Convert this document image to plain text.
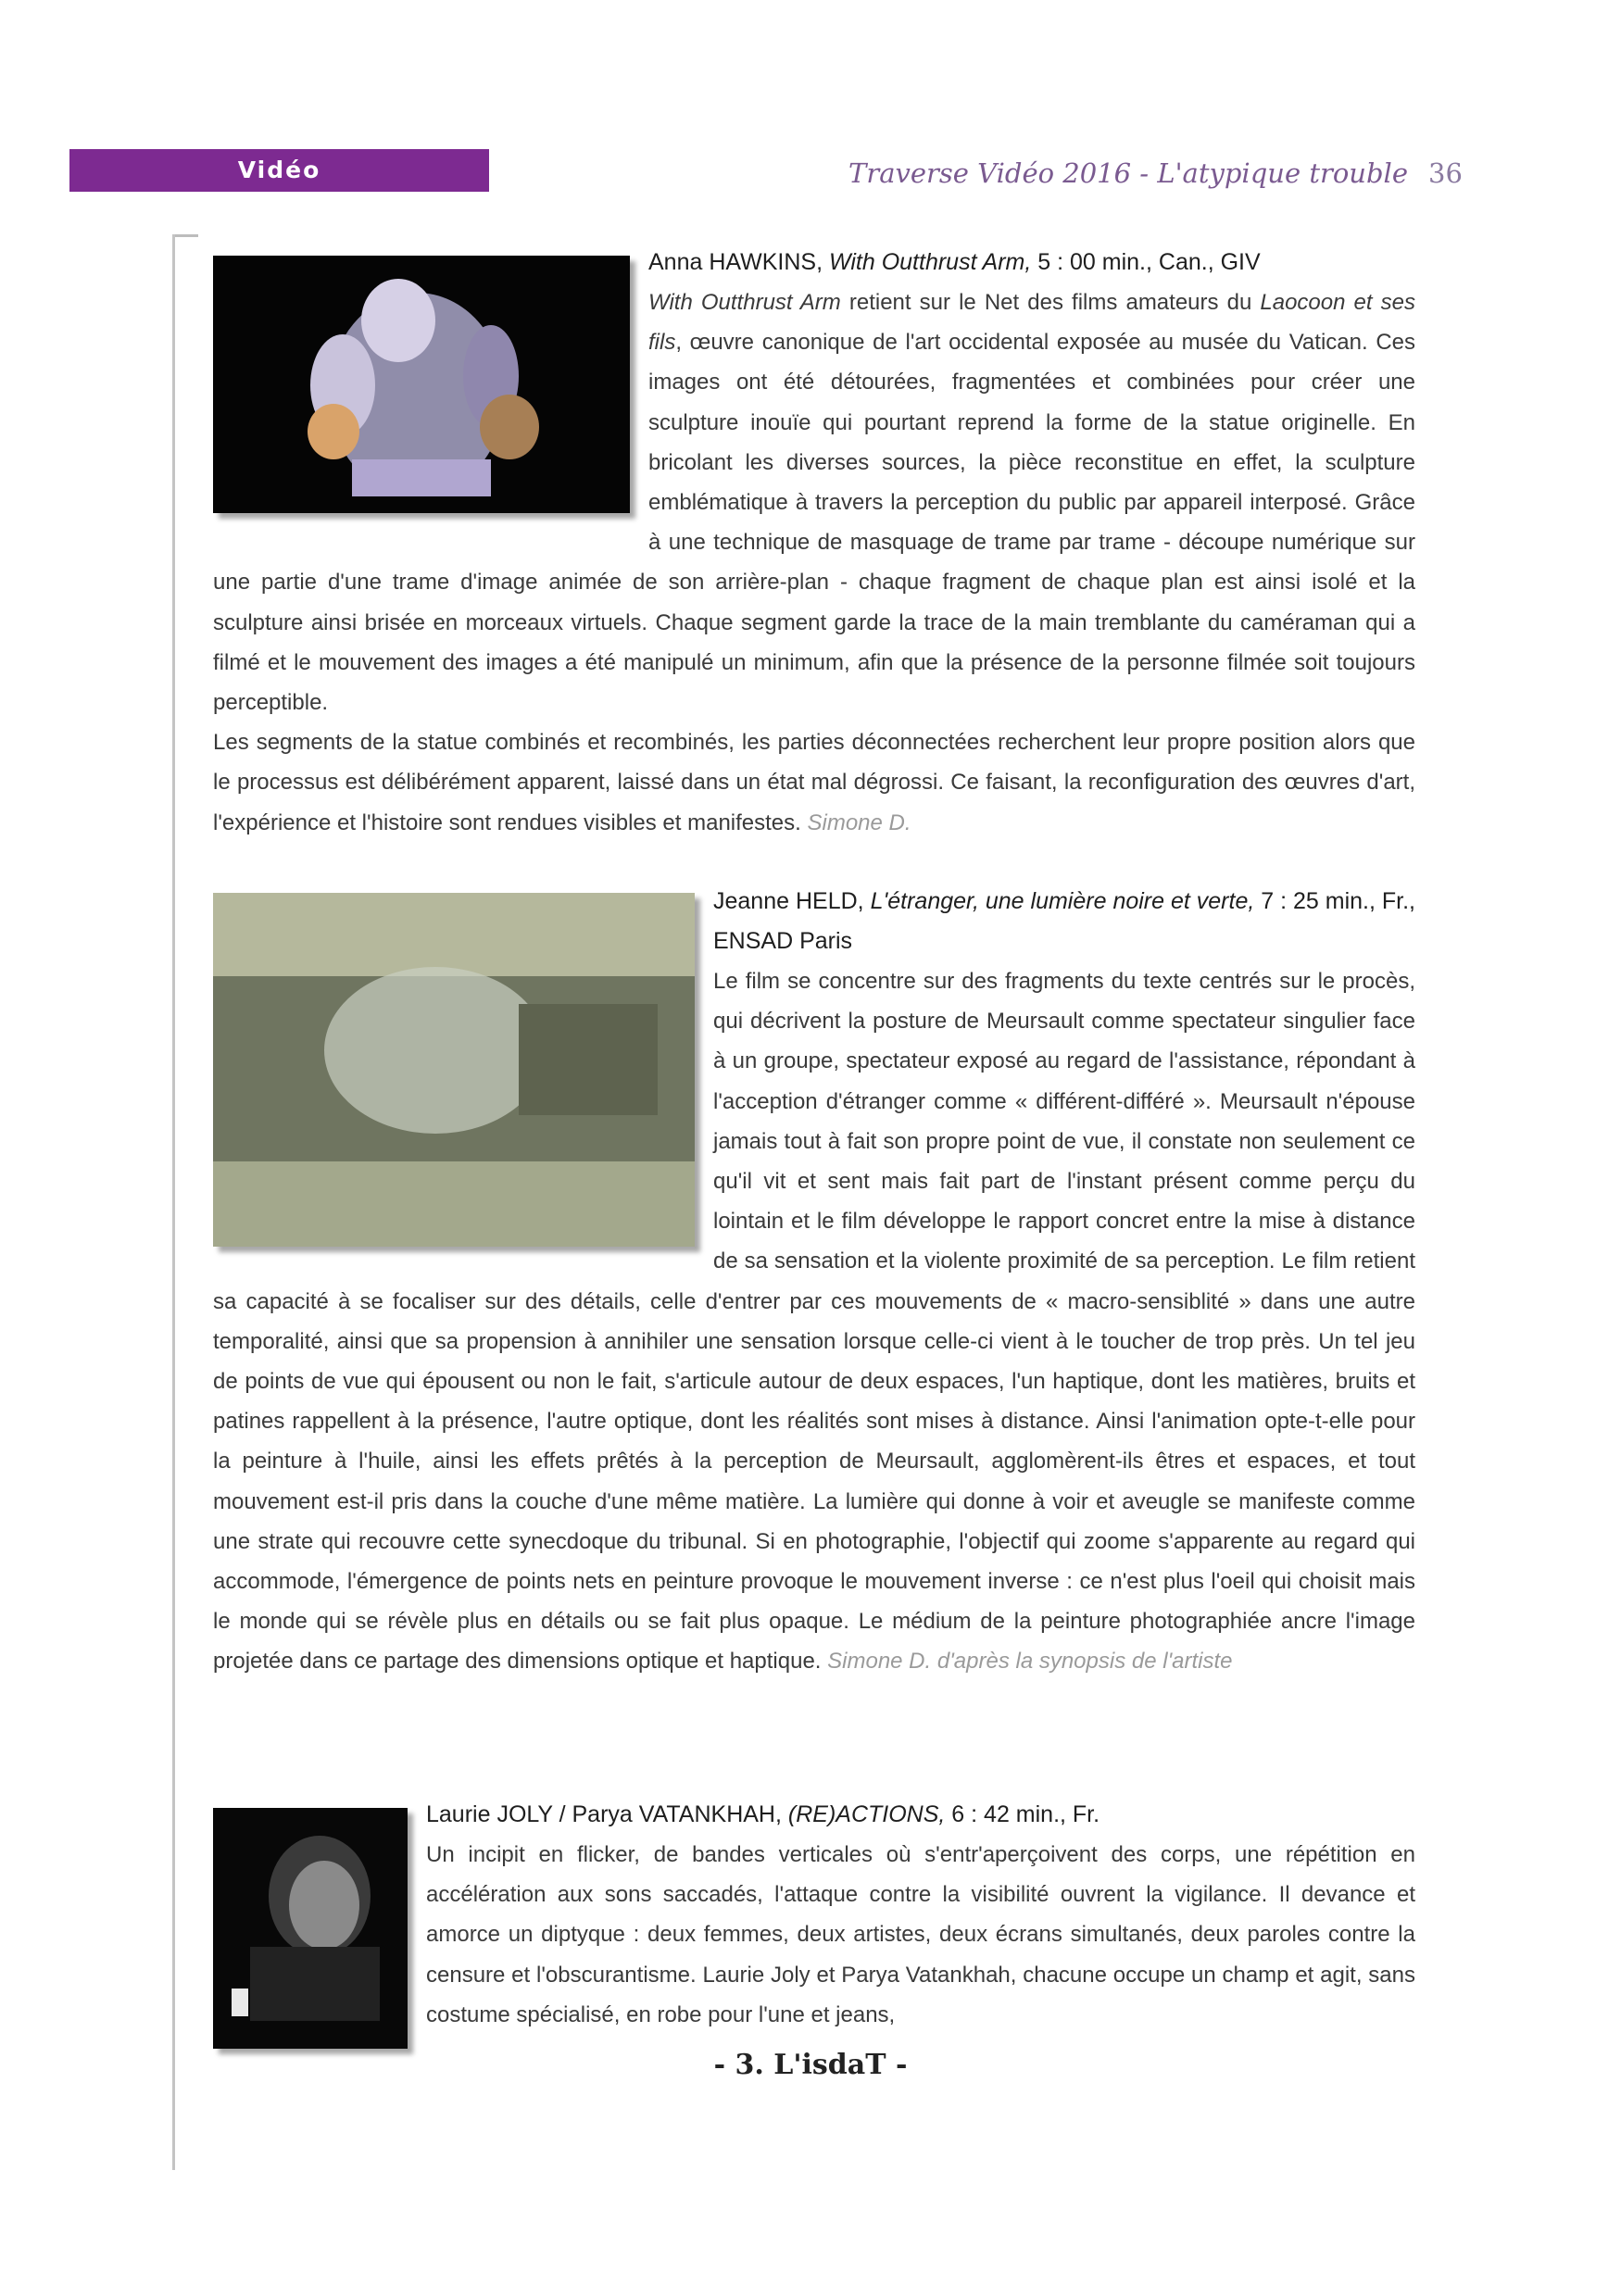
Vidéo	Traverse Vidéo 2016 - L'atypique trouble 36
Anna HAWKINS, With Outthrust Arm, 5 : 00 min., Can., GIV
With Outthrust Arm retient sur le Net des films amateurs du Laocoon et ses fils, œuvre canonique de l'art occidental exposée au musée du Vatican. Ces images ont été détourées, fragmentées et combinées pour créer une sculpture inouïe qui pourtant reprend la forme de la statue originelle. En bricolant les diverses sources, la pièce reconstitue en effet, la sculpture emblématique à travers la perception du public par appareil interposé. Grâce à une technique de masquage de trame par trame - découpe numérique sur une partie d'une trame d'image animée de son arrière-plan - chaque fragment de chaque plan est ainsi isolé et la sculpture ainsi brisée en morceaux virtuels. Chaque segment garde la trace de la main tremblante du caméraman qui a filmé et le mouvement des images a été manipulé un minimum, afin que la présence de la personne filmée soit toujours perceptible.
Les segments de la statue combinés et recombinés, les parties déconnectées recherchent leur propre position alors que le processus est délibérément apparent, laissé dans un état mal dégrossi. Ce faisant, la reconfiguration des œuvres d'art, l'expérience et l'histoire sont rendues visibles et manifestes. Simone D.
Jeanne HELD, L'étranger, une lumière noire et verte, 7 : 25 min., Fr., ENSAD Paris
Le film se concentre sur des fragments du texte centrés sur le procès, qui décrivent la posture de Meursault comme spectateur singulier face à un groupe, spectateur exposé au regard de l'assistance, répondant à l'acception d'étranger comme « différent-différé ». Meursault n'épouse jamais tout à fait son propre point de vue, il constate non seulement ce qu'il vit et sent mais fait part de l'instant présent comme perçu du lointain et le film développe le rapport concret entre la mise à distance de sa sensation et la violente proximité de sa perception. Le film retient sa capacité à se focaliser sur des détails, celle d'entrer par ces mouvements de « macro-sensiblité » dans une autre temporalité, ainsi que sa propension à annihiler une sensation lorsque celle-ci vient à le toucher de trop près. Un tel jeu de points de vue qui épousent ou non le fait, s'articule autour de deux espaces, l'un haptique, dont les matières, bruits et patines rappellent à la présence, l'autre optique, dont les réalités sont mises à distance. Ainsi l'animation opte-t-elle pour la peinture à l'huile, ainsi les effets prêtés à la perception de Meursault, agglomèrent-ils êtres et espaces, et tout mouvement est-il pris dans la couche d'une même matière. La lumière qui donne à voir et aveugle se manifeste comme une strate qui recouvre cette synecdoque du tribunal. Si en photographie, l'objectif qui zoome s'apparente au regard qui accommode, l'émergence de points nets en peinture provoque le mouvement inverse : ce n'est plus l'oeil qui choisit mais le monde qui se révèle plus en détails ou se fait plus opaque. Le médium de la peinture photographiée ancre l'image projetée dans ce partage des dimensions optique et haptique. Simone D. d'après la synopsis de l'artiste
Laurie JOLY / Parya VATANKHAH, (RE)ACTIONS, 6 : 42 min., Fr.
Un incipit en flicker, de bandes verticales où s'entr'aperçoivent des corps, une répétition en accélération aux sons saccadés, l'attaque contre la visibilité ouvrent la vigilance. Il devance et amorce un diptyque : deux femmes, deux artistes, deux écrans simultanés, deux paroles contre la censure et l'obscurantisme. Laurie Joly et Parya Vatankhah, chacune occupe un champ et agit, sans costume spécialisé, en robe pour l'une et jeans,
- 3. L'isdaT -
